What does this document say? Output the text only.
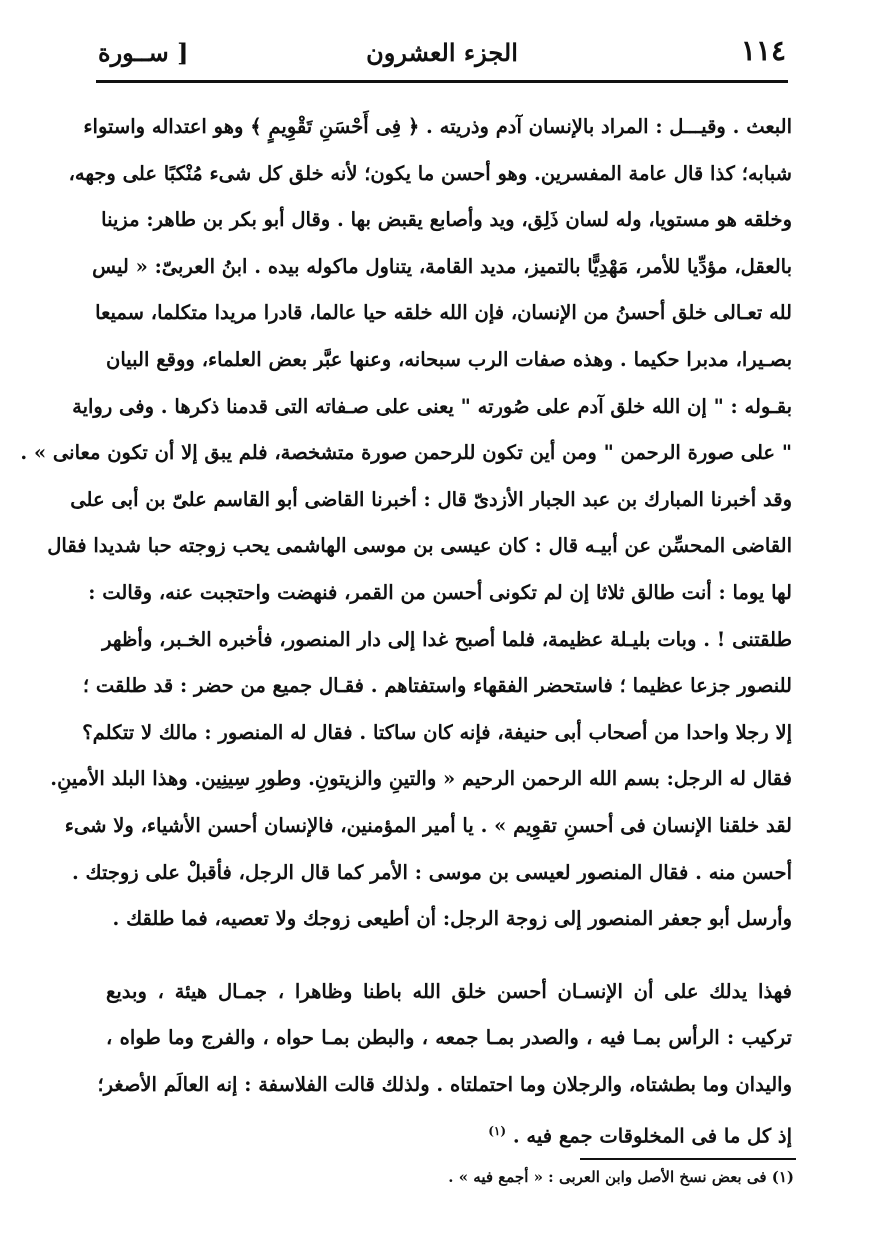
١١٤
الجزء العشرون
[ ســورة
البعث . وقيـــل : المراد بالإنسان آدم وذريته . ﴿ فِى أَحْسَنِ تَقْوِيمٍ ﴾ وهو اعتداله واستواء
شبابه؛ كذا قال عامة المفسرين. وهو أحسن ما يكون؛ لأنه خلق كل شىء مُنْكبًا على وجهه،
وخلقه هو مستويا، وله لسان ذَلِق، ويد وأصابع يقبض بها . وقال أبو بكر بن طاهر: مزينا
بالعقل، مؤدِّيا للأمر، مَهْدِيًّا بالتميز، مديد القامة، يتناول ماكوله بيده . ابنُ العربىّ: « ليس
لله تعـالى خلق أحسنُ من الإنسان، فإن الله خلقه حيا عالما، قادرا مريدا متكلما، سميعا
بصـيرا، مدبرا حكيما . وهذه صفات الرب سبحانه، وعنها عبَّر بعض العلماء، ووقع البيان
بقـوله : " إن الله خلق آدم على صُورته " يعنى على صـفاته التى قدمنا ذكرها . وفى رواية
" على صورة الرحمن " ومن أين تكون للرحمن صورة متشخصة، فلم يبق إلا أن تكون معانى » .
وقد أخبرنا المبارك بن عبد الجبار الأزدىّ قال : أخبرنا القاضى أبو القاسم علىّ بن أبى على
القاضى المحسِّن عن أبيـه قال : كان عيسى بن موسى الهاشمى يحب زوجته حبا شديدا فقال
لها يوما : أنت طالق ثلاثا إن لم تكونى أحسن من القمر، فنهضت واحتجبت عنه، وقالت :
طلقتنى ! . وبات بليـلة عظيمة، فلما أصبح غدا إلى دار المنصور، فأخبره الخـبر، وأظهر
للنصور جزعا عظيما ؛ فاستحضر الفقهاء واستفتاهم . فقـال جميع من حضر : قد طلقت ؛
إلا رجلا واحدا من أصحاب أبى حنيفة، فإنه كان ساكتا . فقال له المنصور : مالك لا تتكلم؟
فقال له الرجل: بسم الله الرحمن الرحيم « والتينِ والزيتونِ. وطورِ سِينِين. وهذا البلد الأمينِ.
لقد خلقنا الإنسان فى أحسنِ تقوِيم » . يا أمير المؤمنين، فالإنسان أحسن الأشياء، ولا شىء
أحسن منه . فقال المنصور لعيسى بن موسى : الأمر كما قال الرجل، فأقبلْ على زوجتك .
وأرسل أبو جعفر المنصور إلى زوجة الرجل: أن أطيعى زوجك ولا تعصيه، فما طلقك .
فهذا يدلك على أن الإنسـان أحسن خلق الله باطنا وظاهرا ، جمـال هيئة ، وبديع
تركيب : الرأس بمـا فيه ، والصدر بمـا جمعه ، والبطن بمـا حواه ، والفرج وما طواه ،
واليدان وما بطشتاه، والرجلان وما احتملتاه . ولذلك قالت الفلاسفة : إنه العالَم الأصغر؛
إذ كل ما فى المخلوقات جمع فيه . $^{(١)}$
(١) فى بعض نسخ الأصل وابن العربى : « أجمع فيه » .
